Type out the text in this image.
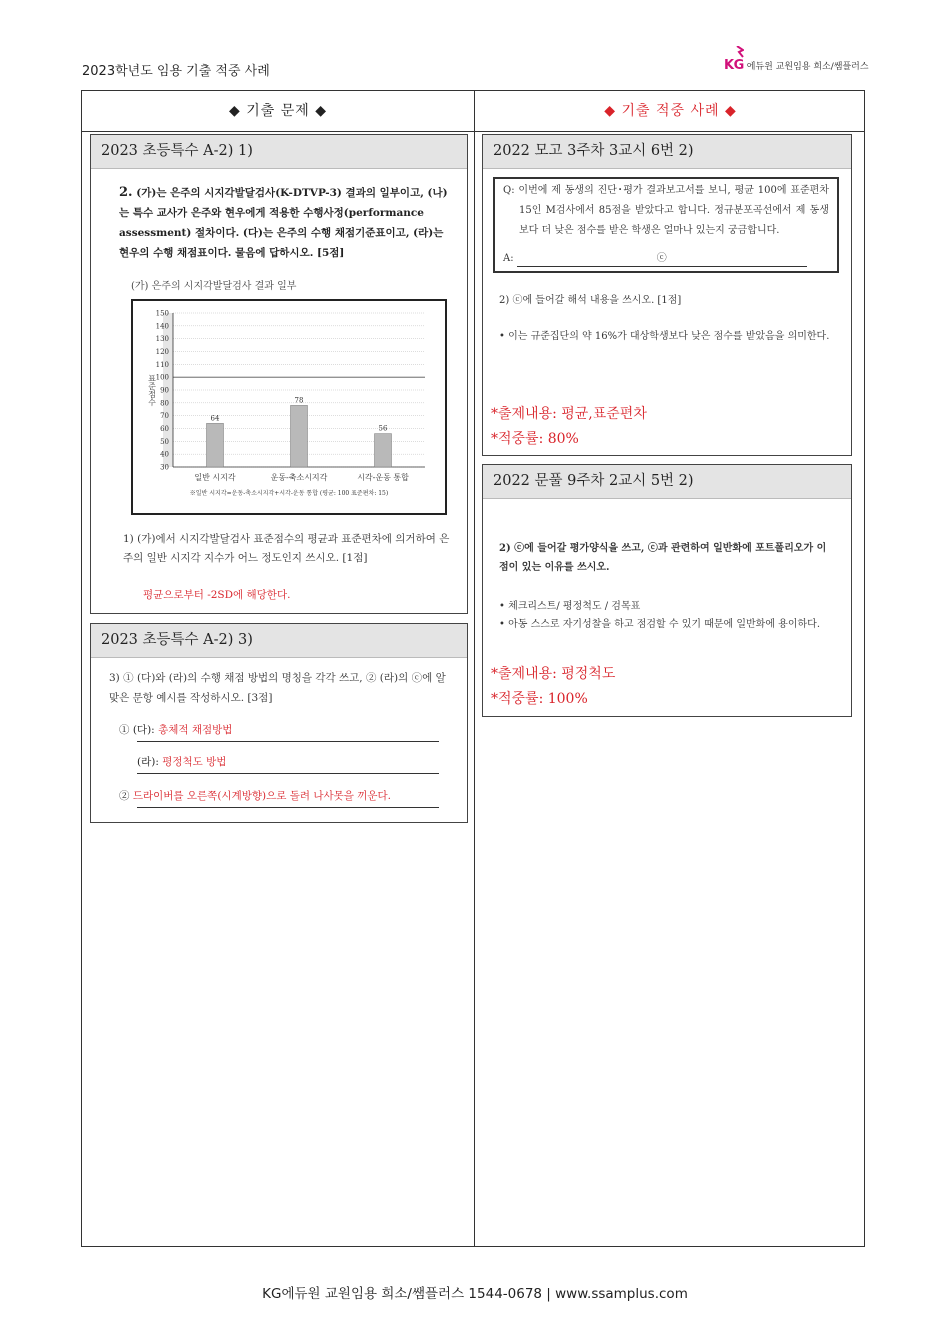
2023학년도 임용 기출 적중 사례	KG 에듀윈 교원임용 희소/쌤플러스
◆ 기출 문제 ◆	◆ 기출 적중 사례 ◆
2023 초등특수 A-2) 1)
2. (가)는 은주의 시지각발달검사(K-DTVP-3) 결과의 일부이고, (나)는 특수 교사가 은주와 현우에게 적용한 수행사정(performance assessment) 절차이다. (다)는 은주의 수행 채점기준표이고, (라)는 현우의 수행 채점표이다. 물음에 답하시오. [5점]
(가) 은주의 시지각발달검사 결과 일부
표준점수
150
140
130
120
110
100
90
80
70
60
50
40
30
64
일반 시지각
78
운동-축소시지각
56
시각-운동 통합
※일반 시지각=운동-축소시지각+시각-운동 통합 (평균: 100 표준편차: 15)
1) (가)에서 시지각발달검사 표준점수의 평균과 표준편차에 의거하여 은주의 일반 시지각 지수가 어느 정도인지 쓰시오. [1점]
평균으로부터 -2SD에 해당한다.
2023 초등특수 A-2) 3)
3) ① (다)와 (라)의 수행 채점 방법의 명칭을 각각 쓰고, ② (라)의 ⓒ에 알맞은 문항 예시를 작성하시오. [3점]
① (다): 총체적 채점방법
(라): 평정척도 방법
② 드라이버를 오른쪽(시계방향)으로 돌려 나사못을 끼운다.
2022 모고 3주차 3교시 6번 2)
Q: 이번에 제 동생의 진단･평가 결과보고서를 보니, 평균 100에 표준편차 15인 M검사에서 85점을 받았다고 합니다. 정규분포곡선에서 제 동생보다 더 낮은 점수를 받은 학생은 얼마나 있는지 궁금합니다.
A:	ⓒ
2) ⓒ에 들어갈 해석 내용을 쓰시오. [1점]
• 이는 규준집단의 약 16%가 대상학생보다 낮은 점수를 받았음을 의미한다.
*출제내용: 평균,표준편차
*적중률: 80%
2022 문풀 9주차 2교시 5번 2)
2) ⓒ에 들어갈 평가양식을 쓰고, ⓒ과 관련하여 일반화에 포트폴리오가 이점이 있는 이유를 쓰시오.
• 체크리스트/ 평정척도 / 검목표
• 아동 스스로 자기성찰을 하고 점검할 수 있기 때문에 일반화에 용이하다.
*출제내용: 평정척도
*적중률: 100%
KG에듀원 교원임용 희소/쌤플러스 1544-0678 | www.ssamplus.com
